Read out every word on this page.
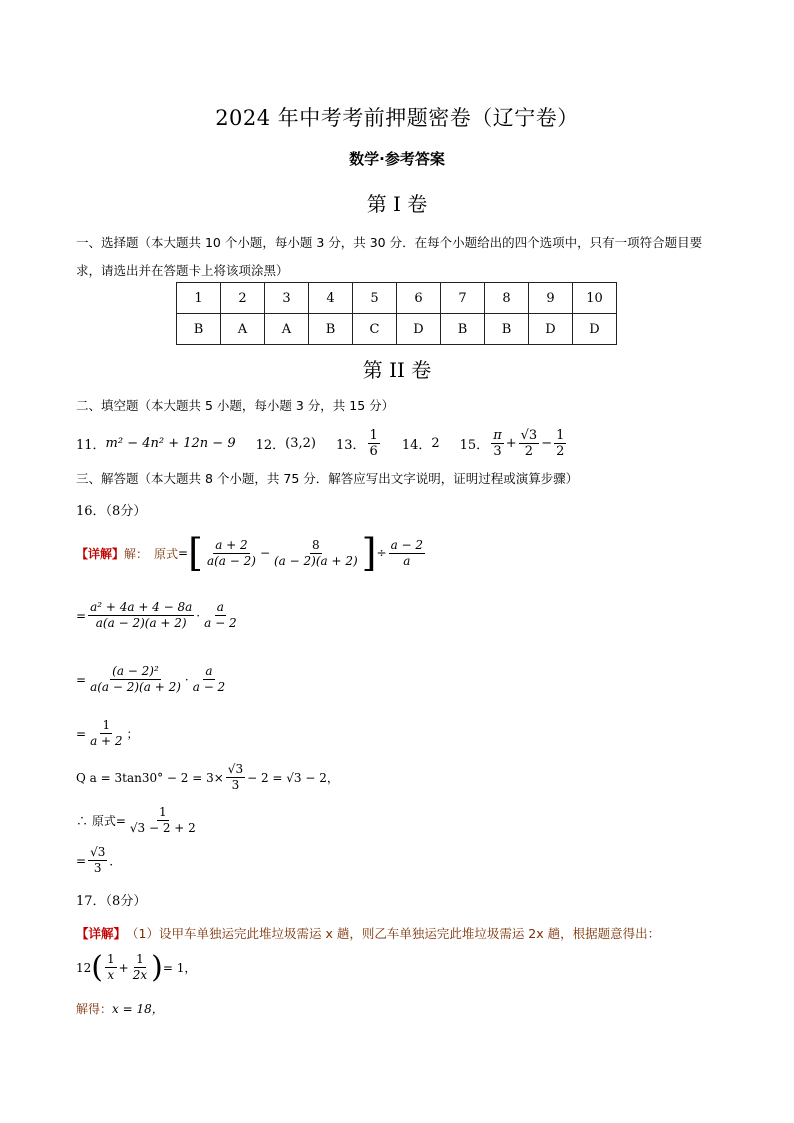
2024 年中考考前押题密卷（辽宁卷）
数学·参考答案
第 I 卷
一、选择题（本大题共 10 个小题，每小题 3 分，共 30 分．在每个小题给出的四个选项中，只有一项符合题目要求，请选出并在答题卡上将该项涂黑）
1	2	3	4	5	6	7	8	9	10
B	A	A	B	C	D	B	B	D	D
第 II 卷
二、填空题（本大题共 5 小题，每小题 3 分，共 15 分）
11． m² − 4n² + 12n − 9 12． (3,2) 13． $\frac{1}{6} 14$． 2 15． $\frac{\pi}{3} + \frac{√3}{2} - \frac{1}{2}$
三、解答题（本大题共 8 个小题，共 75 分．解答应写出文字说明，证明过程或演算步骤）
16．（8分）
【详解】 解： 原式 = [ $\frac{a + 2}{a(a - 2)} - \frac{8}{(a - 2)(a + 2)}$ ] ÷ $\frac{a - 2}{a}$
= $\frac{\text{a² + 4a + 4 − 8a}}{a(a - 2)(a + 2)} \cdot \frac{a}{a - 2}$
= $\frac{\text{(a − 2)²}}{a(a - 2)(a + 2)} \cdot \frac{a}{a - 2}$
= $\frac{1}{a + 2}$ ；
Q $a = 3\tan 30^\circ - 2 = 3\times \frac{√3}{3} - 2 = √3 - 2$，
∴ 原式 = $\frac{1}{√3 - 2 + 2}$
= $\frac{√3}{3}$ ．
17．（8分）
【详解】 （1）设甲车单独运完此堆垃圾需运 x 趟，则乙车单独运完此堆垃圾需运 2x 趟，根据题意得出：
12 ( $\frac{1}{x} + \frac{1}{2x}$ ) = 1，
解得： x = 18，
